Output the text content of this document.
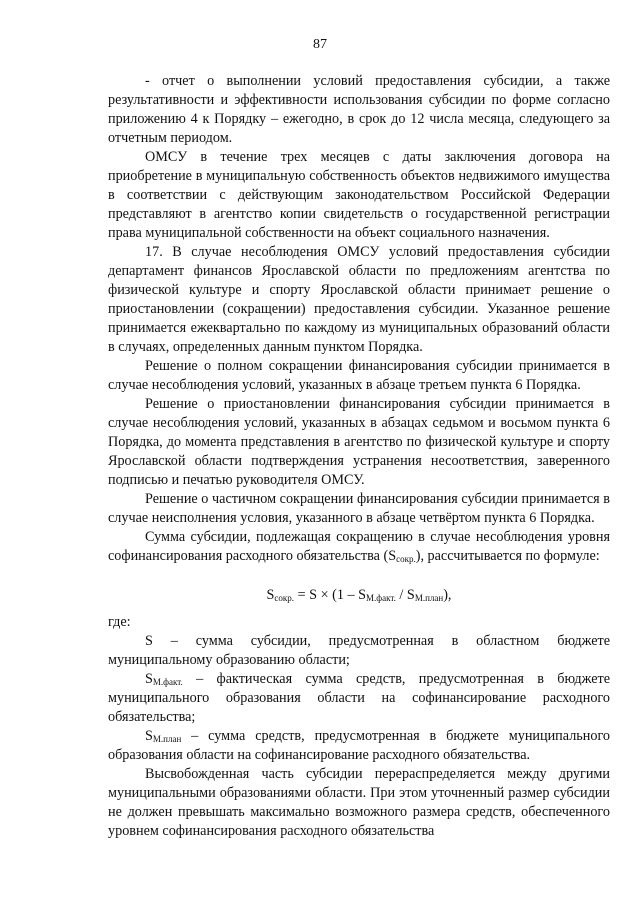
87

- отчет о выполнении условий предоставления субсидии, а также результативности и эффективности использования субсидии по форме согласно приложению 4 к Порядку – ежегодно, в срок до 12 числа месяца, следующего за отчетным периодом.

ОМСУ в течение трех месяцев с даты заключения договора на приобретение в муниципальную собственность объектов недвижимого имущества в соответствии с действующим законодательством Российской Федерации представляют в агентство копии свидетельств о государственной регистрации права муниципальной собственности на объект социального назначения.

17. В случае несоблюдения ОМСУ условий предоставления субсидии департамент финансов Ярославской области по предложениям агентства по физической культуре и спорту Ярославской области принимает решение о приостановлении (сокращении) предоставления субсидии. Указанное решение принимается ежеквартально по каждому из муниципальных образований области в случаях, определенных данным пунктом Порядка.

Решение о полном сокращении финансирования субсидии принимается в случае несоблюдения условий, указанных в абзаце третьем пункта 6 Порядка.

Решение о приостановлении финансирования субсидии принимается в случае несоблюдения условий, указанных в абзацах седьмом и восьмом пункта 6 Порядка, до момента представления в агентство по физической культуре и спорту Ярославской области подтверждения устранения несоответствия, заверенного подписью и печатью руководителя ОМСУ.

Решение о частичном сокращении финансирования субсидии принимается в случае неисполнения условия, указанного в абзаце четвёртом пункта 6 Порядка.

Сумма субсидии, подлежащая сокращению в случае несоблюдения уровня софинансирования расходного обязательства $(S_{сокр.})$, рассчитывается по формуле:

$S_{сокр.} = S \times (1 - S_{M.факт.} / S_{M.план})$,

где:

S – сумма субсидии, предусмотренная в областном бюджете муниципальному образованию области;

$S_{M.факт.}$ – фактическая сумма средств, предусмотренная в бюджете муниципального образования области на софинансирование расходного обязательства;

$S_{M.план}$ – сумма средств, предусмотренная в бюджете муниципального образования области на софинансирование расходного обязательства.

Высвобожденная часть субсидии перераспределяется между другими муниципальными образованиями области. При этом уточненный размер субсидии не должен превышать максимально возможного размера средств, обеспеченного уровнем софинансирования расходного обязательства
